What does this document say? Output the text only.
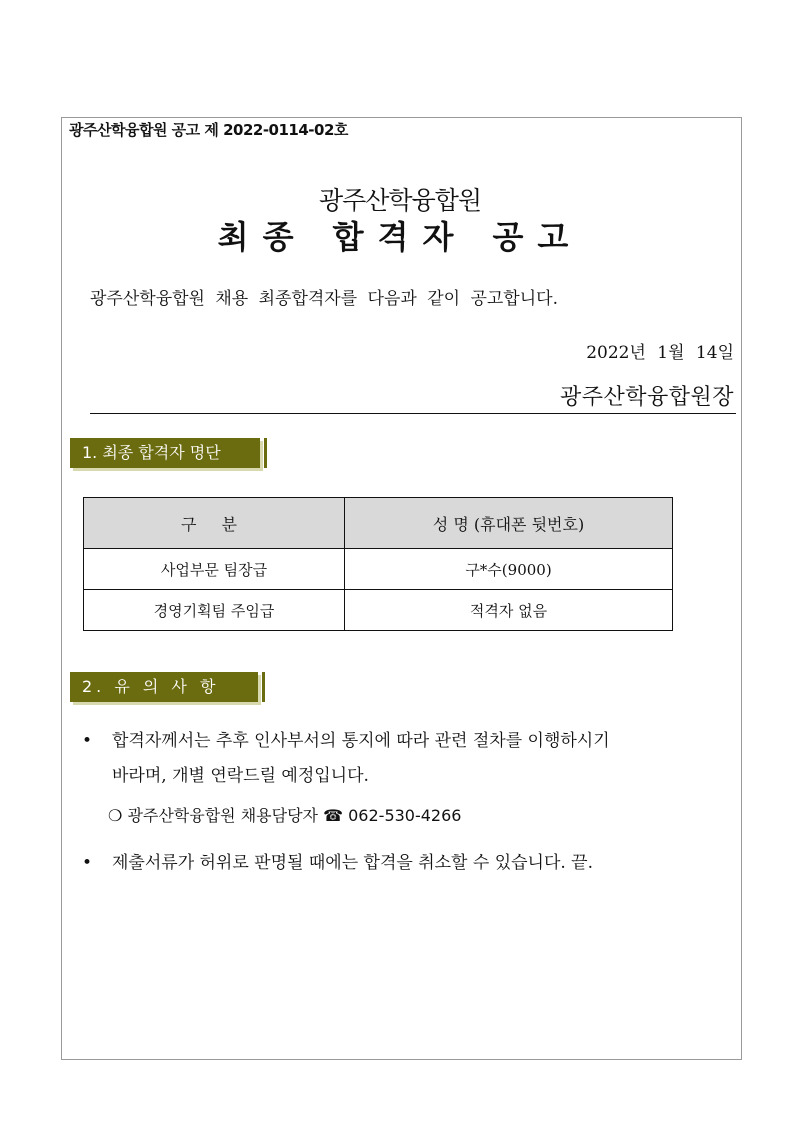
광주산학융합원 공고 제 2022-0114-02호
광주산학융합원
최종 합격자 공고
광주산학융합원 채용 최종합격자를 다음과 같이 공고합니다.
2022년 1월 14일
광주산학융합원장
1. 최종 합격자 명단
구 분	성 명 (휴대폰 뒷번호)
사업부문 팀장급	구*수(9000)
경영기획팀 주임급	적격자 없음
2. 유 의 사 항
• 합격자께서는 추후 인사부서의 통지에 따라 관련 절차를 이행하시기
바라며, 개별 연락드릴 예정입니다.
❍ 광주산학융합원 채용담당자 ☎ 062-530-4266
• 제출서류가 허위로 판명될 때에는 합격을 취소할 수 있습니다. 끝.
